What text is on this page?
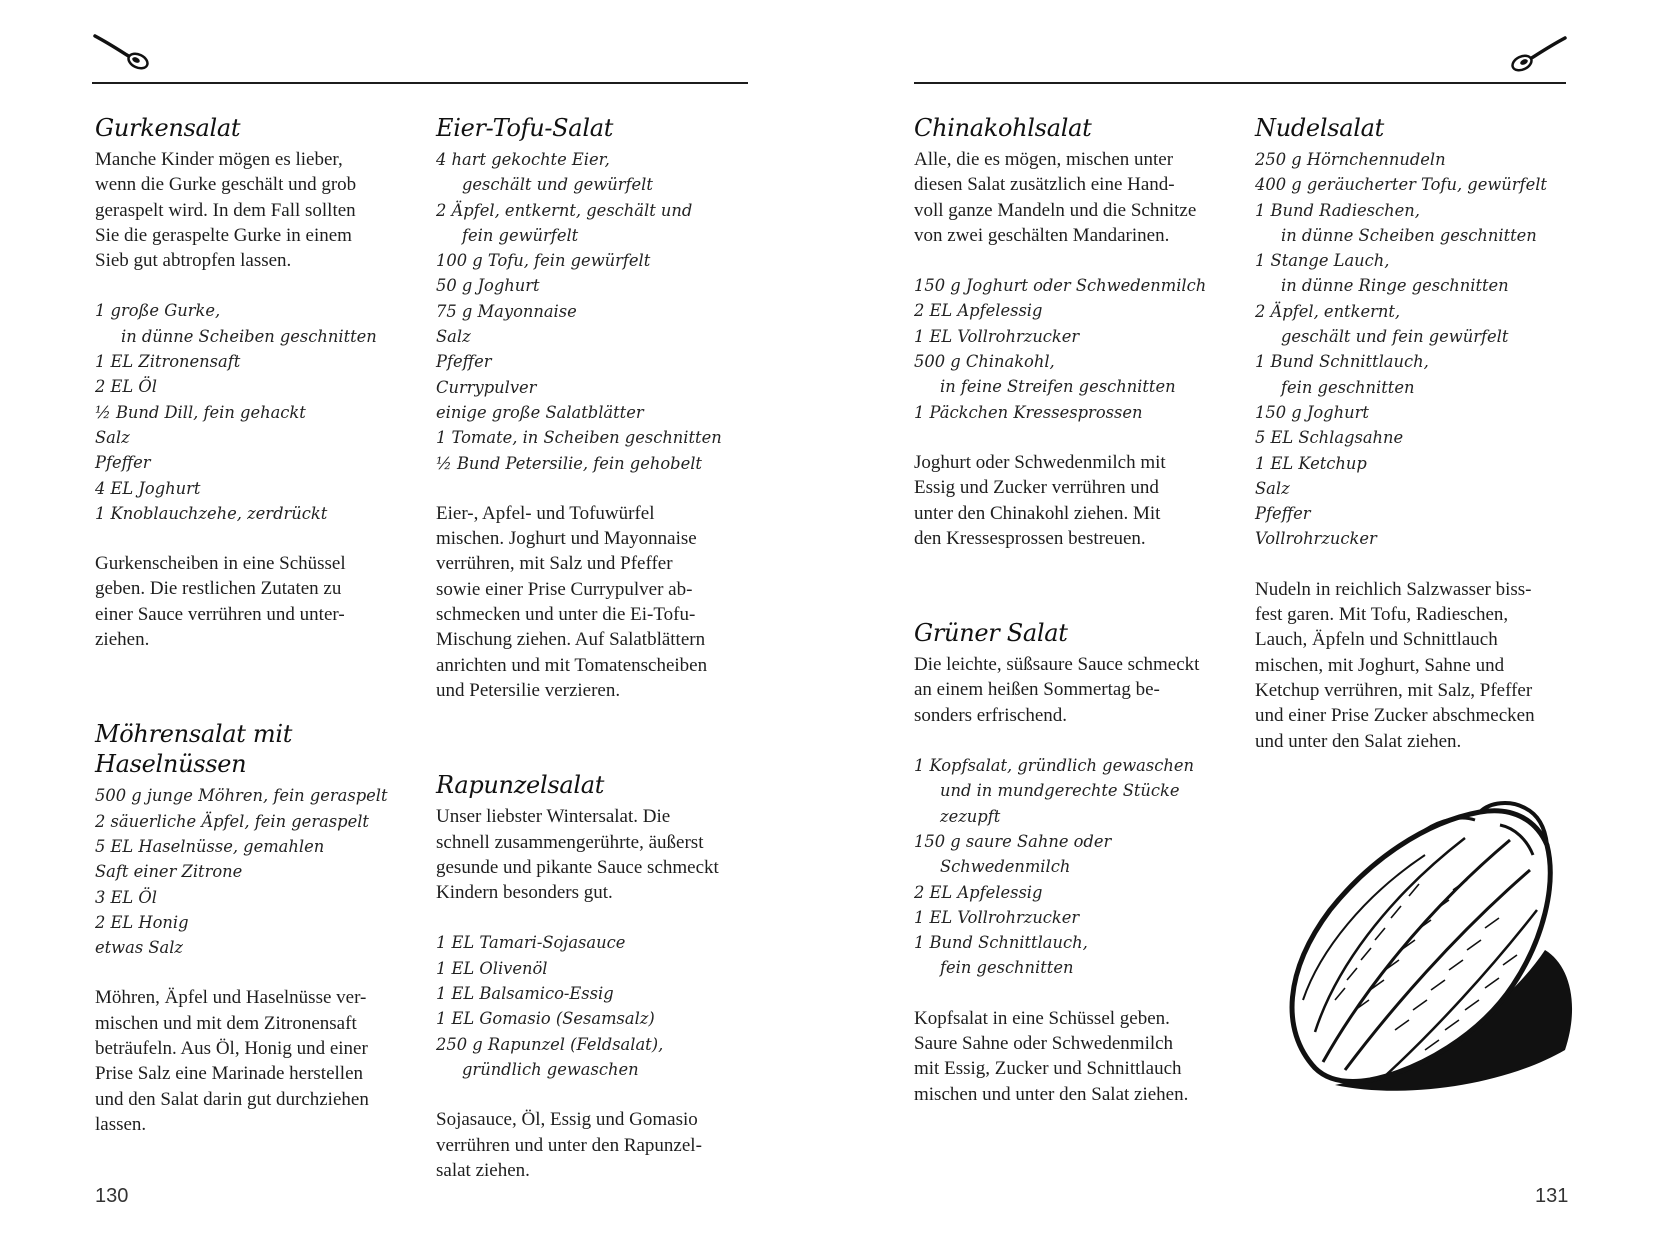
Gurkensalat

Manche Kinder mögen es lieber,
wenn die Gurke geschält und grob
geraspelt wird. In dem Fall sollten
Sie die geraspelte Gurke in einem
Sieb gut abtropfen lassen.

1 große Gurke,
in dünne Scheiben geschnitten
1 EL Zitronensaft
2 EL Öl
½ Bund Dill, fein gehackt
Salz
Pfeffer
4 EL Joghurt
1 Knoblauchzehe, zerdrückt

Gurkenscheiben in eine Schüssel
geben. Die restlichen Zutaten zu
einer Sauce verrühren und unter-
ziehen.

Möhrensalat mit
Haselnüssen
500 g junge Möhren, fein geraspelt
2 säuerliche Äpfel, fein geraspelt
5 EL Haselnüsse, gemahlen
Saft einer Zitrone
3 EL Öl
2 EL Honig
etwas Salz

Möhren, Äpfel und Haselnüsse ver-
mischen und mit dem Zitronensaft
beträufeln. Aus Öl, Honig und einer
Prise Salz eine Marinade herstellen
und den Salat darin gut durchziehen
lassen.

Eier-Tofu-Salat
4 hart gekochte Eier,
geschält und gewürfelt
2 Äpfel, entkernt, geschält und
fein gewürfelt
100 g Tofu, fein gewürfelt
50 g Joghurt
75 g Mayonnaise
Salz
Pfeffer
Currypulver
einige große Salatblätter
1 Tomate, in Scheiben geschnitten
½ Bund Petersilie, fein gehobelt

Eier-, Apfel- und Tofuwürfel
mischen. Joghurt und Mayonnaise
verrühren, mit Salz und Pfeffer
sowie einer Prise Currypulver ab-
schmecken und unter die Ei-Tofu-
Mischung ziehen. Auf Salatblättern
anrichten und mit Tomatenscheiben
und Petersilie verzieren.

Rapunzelsalat

Unser liebster Wintersalat. Die
schnell zusammengerührte, äußerst
gesunde und pikante Sauce schmeckt
Kindern besonders gut.

1 EL Tamari-Sojasauce
1 EL Olivenöl
1 EL Balsamico-Essig
1 EL Gomasio (Sesamsalz)
250 g Rapunzel (Feldsalat),
gründlich gewaschen

Sojasauce, Öl, Essig und Gomasio
verrühren und unter den Rapunzel-
salat ziehen.

Chinakohlsalat

Alle, die es mögen, mischen unter
diesen Salat zusätzlich eine Hand-
voll ganze Mandeln und die Schnitze
von zwei geschälten Mandarinen.

150 g Joghurt oder Schwedenmilch
2 EL Apfelessig
1 EL Vollrohrzucker
500 g Chinakohl,
in feine Streifen geschnitten
1 Päckchen Kressesprossen

Joghurt oder Schwedenmilch mit
Essig und Zucker verrühren und
unter den Chinakohl ziehen. Mit
den Kressesprossen bestreuen.

Grüner Salat

Die leichte, süßsaure Sauce schmeckt
an einem heißen Sommertag be-
sonders erfrischend.

1 Kopfsalat, gründlich gewaschen
und in mundgerechte Stücke
zezupft
150 g saure Sahne oder
Schwedenmilch
2 EL Apfelessig
1 EL Vollrohrzucker
1 Bund Schnittlauch,
fein geschnitten

Kopfsalat in eine Schüssel geben.
Saure Sahne oder Schwedenmilch
mit Essig, Zucker und Schnittlauch
mischen und unter den Salat ziehen.

Nudelsalat
250 g Hörnchennudeln
400 g geräucherter Tofu, gewürfelt
1 Bund Radieschen,
in dünne Scheiben geschnitten
1 Stange Lauch,
in dünne Ringe geschnitten
2 Äpfel, entkernt,
geschält und fein gewürfelt
1 Bund Schnittlauch,
fein geschnitten
150 g Joghurt
5 EL Schlagsahne
1 EL Ketchup
Salz
Pfeffer
Vollrohrzucker

Nudeln in reichlich Salzwasser biss-
fest garen. Mit Tofu, Radieschen,
Lauch, Äpfeln und Schnittlauch
mischen, mit Joghurt, Sahne und
Ketchup verrühren, mit Salz, Pfeffer
und einer Prise Zucker abschmecken
und unter den Salat ziehen.

130	131
